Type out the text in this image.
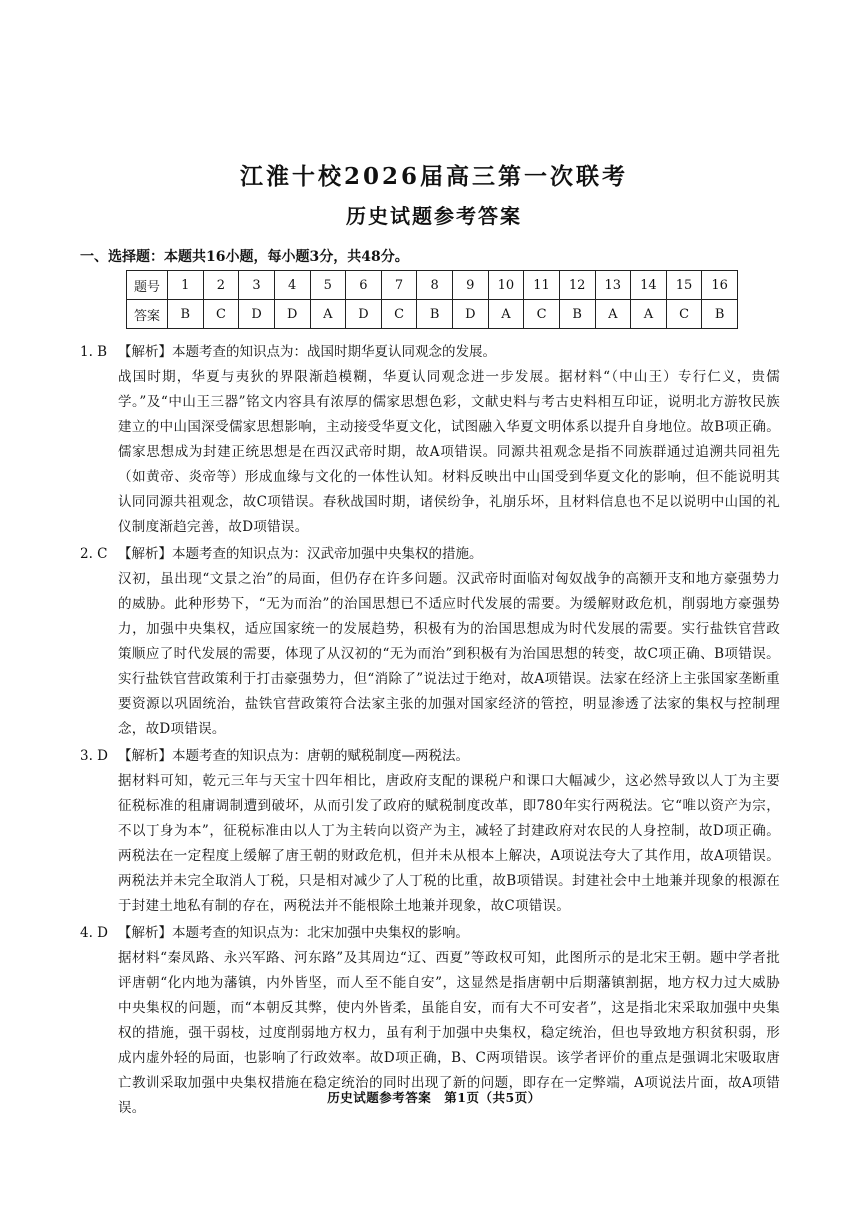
江淮十校2026届高三第一次联考
历史试题参考答案
一、选择题：本题共16小题，每小题3分，共48分。
题号	1	2	3	4	5	6	7	8	9	10	11	12	13	14	15	16
答案	B	C	D	D	A	D	C	B	D	A	C	B	A	A	C	B
1. B 【解析】本题考查的知识点为：战国时期华夏认同观念的发展。
战国时期，华夏与夷狄的界限渐趋模糊，华夏认同观念进一步发展。据材料“（中山王）专行仁义，贵儒学。”及“中山王三器”铭文内容具有浓厚的儒家思想色彩，文献史料与考古史料相互印证，说明北方游牧民族建立的中山国深受儒家思想影响，主动接受华夏文化，试图融入华夏文明体系以提升自身地位。故B项正确。儒家思想成为封建正统思想是在西汉武帝时期，故A项错误。同源共祖观念是指不同族群通过追溯共同祖先（如黄帝、炎帝等）形成血缘与文化的一体性认知。材料反映出中山国受到华夏文化的影响，但不能说明其认同同源共祖观念，故C项错误。春秋战国时期，诸侯纷争，礼崩乐坏，且材料信息也不足以说明中山国的礼仪制度渐趋完善，故D项错误。
2. C 【解析】本题考查的知识点为：汉武帝加强中央集权的措施。
汉初，虽出现“文景之治”的局面，但仍存在许多问题。汉武帝时面临对匈奴战争的高额开支和地方豪强势力的威胁。此种形势下，“无为而治”的治国思想已不适应时代发展的需要。为缓解财政危机，削弱地方豪强势力，加强中央集权，适应国家统一的发展趋势，积极有为的治国思想成为时代发展的需要。实行盐铁官营政策顺应了时代发展的需要，体现了从汉初的“无为而治”到积极有为治国思想的转变，故C项正确、B项错误。实行盐铁官营政策利于打击豪强势力，但“消除了”说法过于绝对，故A项错误。法家在经济上主张国家垄断重要资源以巩固统治，盐铁官营政策符合法家主张的加强对国家经济的管控，明显渗透了法家的集权与控制理念，故D项错误。
3. D 【解析】本题考查的知识点为：唐朝的赋税制度—两税法。
据材料可知，乾元三年与天宝十四年相比，唐政府支配的课税户和课口大幅减少，这必然导致以人丁为主要征税标准的租庸调制遭到破坏，从而引发了政府的赋税制度改革，即780年实行两税法。它“唯以资产为宗，不以丁身为本”，征税标准由以人丁为主转向以资产为主，减轻了封建政府对农民的人身控制，故D项正确。两税法在一定程度上缓解了唐王朝的财政危机，但并未从根本上解决，A项说法夸大了其作用，故A项错误。两税法并未完全取消人丁税，只是相对减少了人丁税的比重，故B项错误。封建社会中土地兼并现象的根源在于封建土地私有制的存在，两税法并不能根除土地兼并现象，故C项错误。
4. D 【解析】本题考查的知识点为：北宋加强中央集权的影响。
据材料“秦凤路、永兴军路、河东路”及其周边“辽、西夏”等政权可知，此图所示的是北宋王朝。题中学者批评唐朝“化内地为藩镇，内外皆坚，而人至不能自安”，这显然是指唐朝中后期藩镇割据，地方权力过大威胁中央集权的问题，而“本朝反其弊，使内外皆柔，虽能自安，而有大不可安者”，这是指北宋采取加强中央集权的措施，强干弱枝，过度削弱地方权力，虽有利于加强中央集权，稳定统治，但也导致地方积贫积弱，形成内虚外轻的局面，也影响了行政效率。故D项正确，B、C两项错误。该学者评价的重点是强调北宋吸取唐亡教训采取加强中央集权措施在稳定统治的同时出现了新的问题，即存在一定弊端，A项说法片面，故A项错误。
历史试题参考答案　第1页（共5页）
